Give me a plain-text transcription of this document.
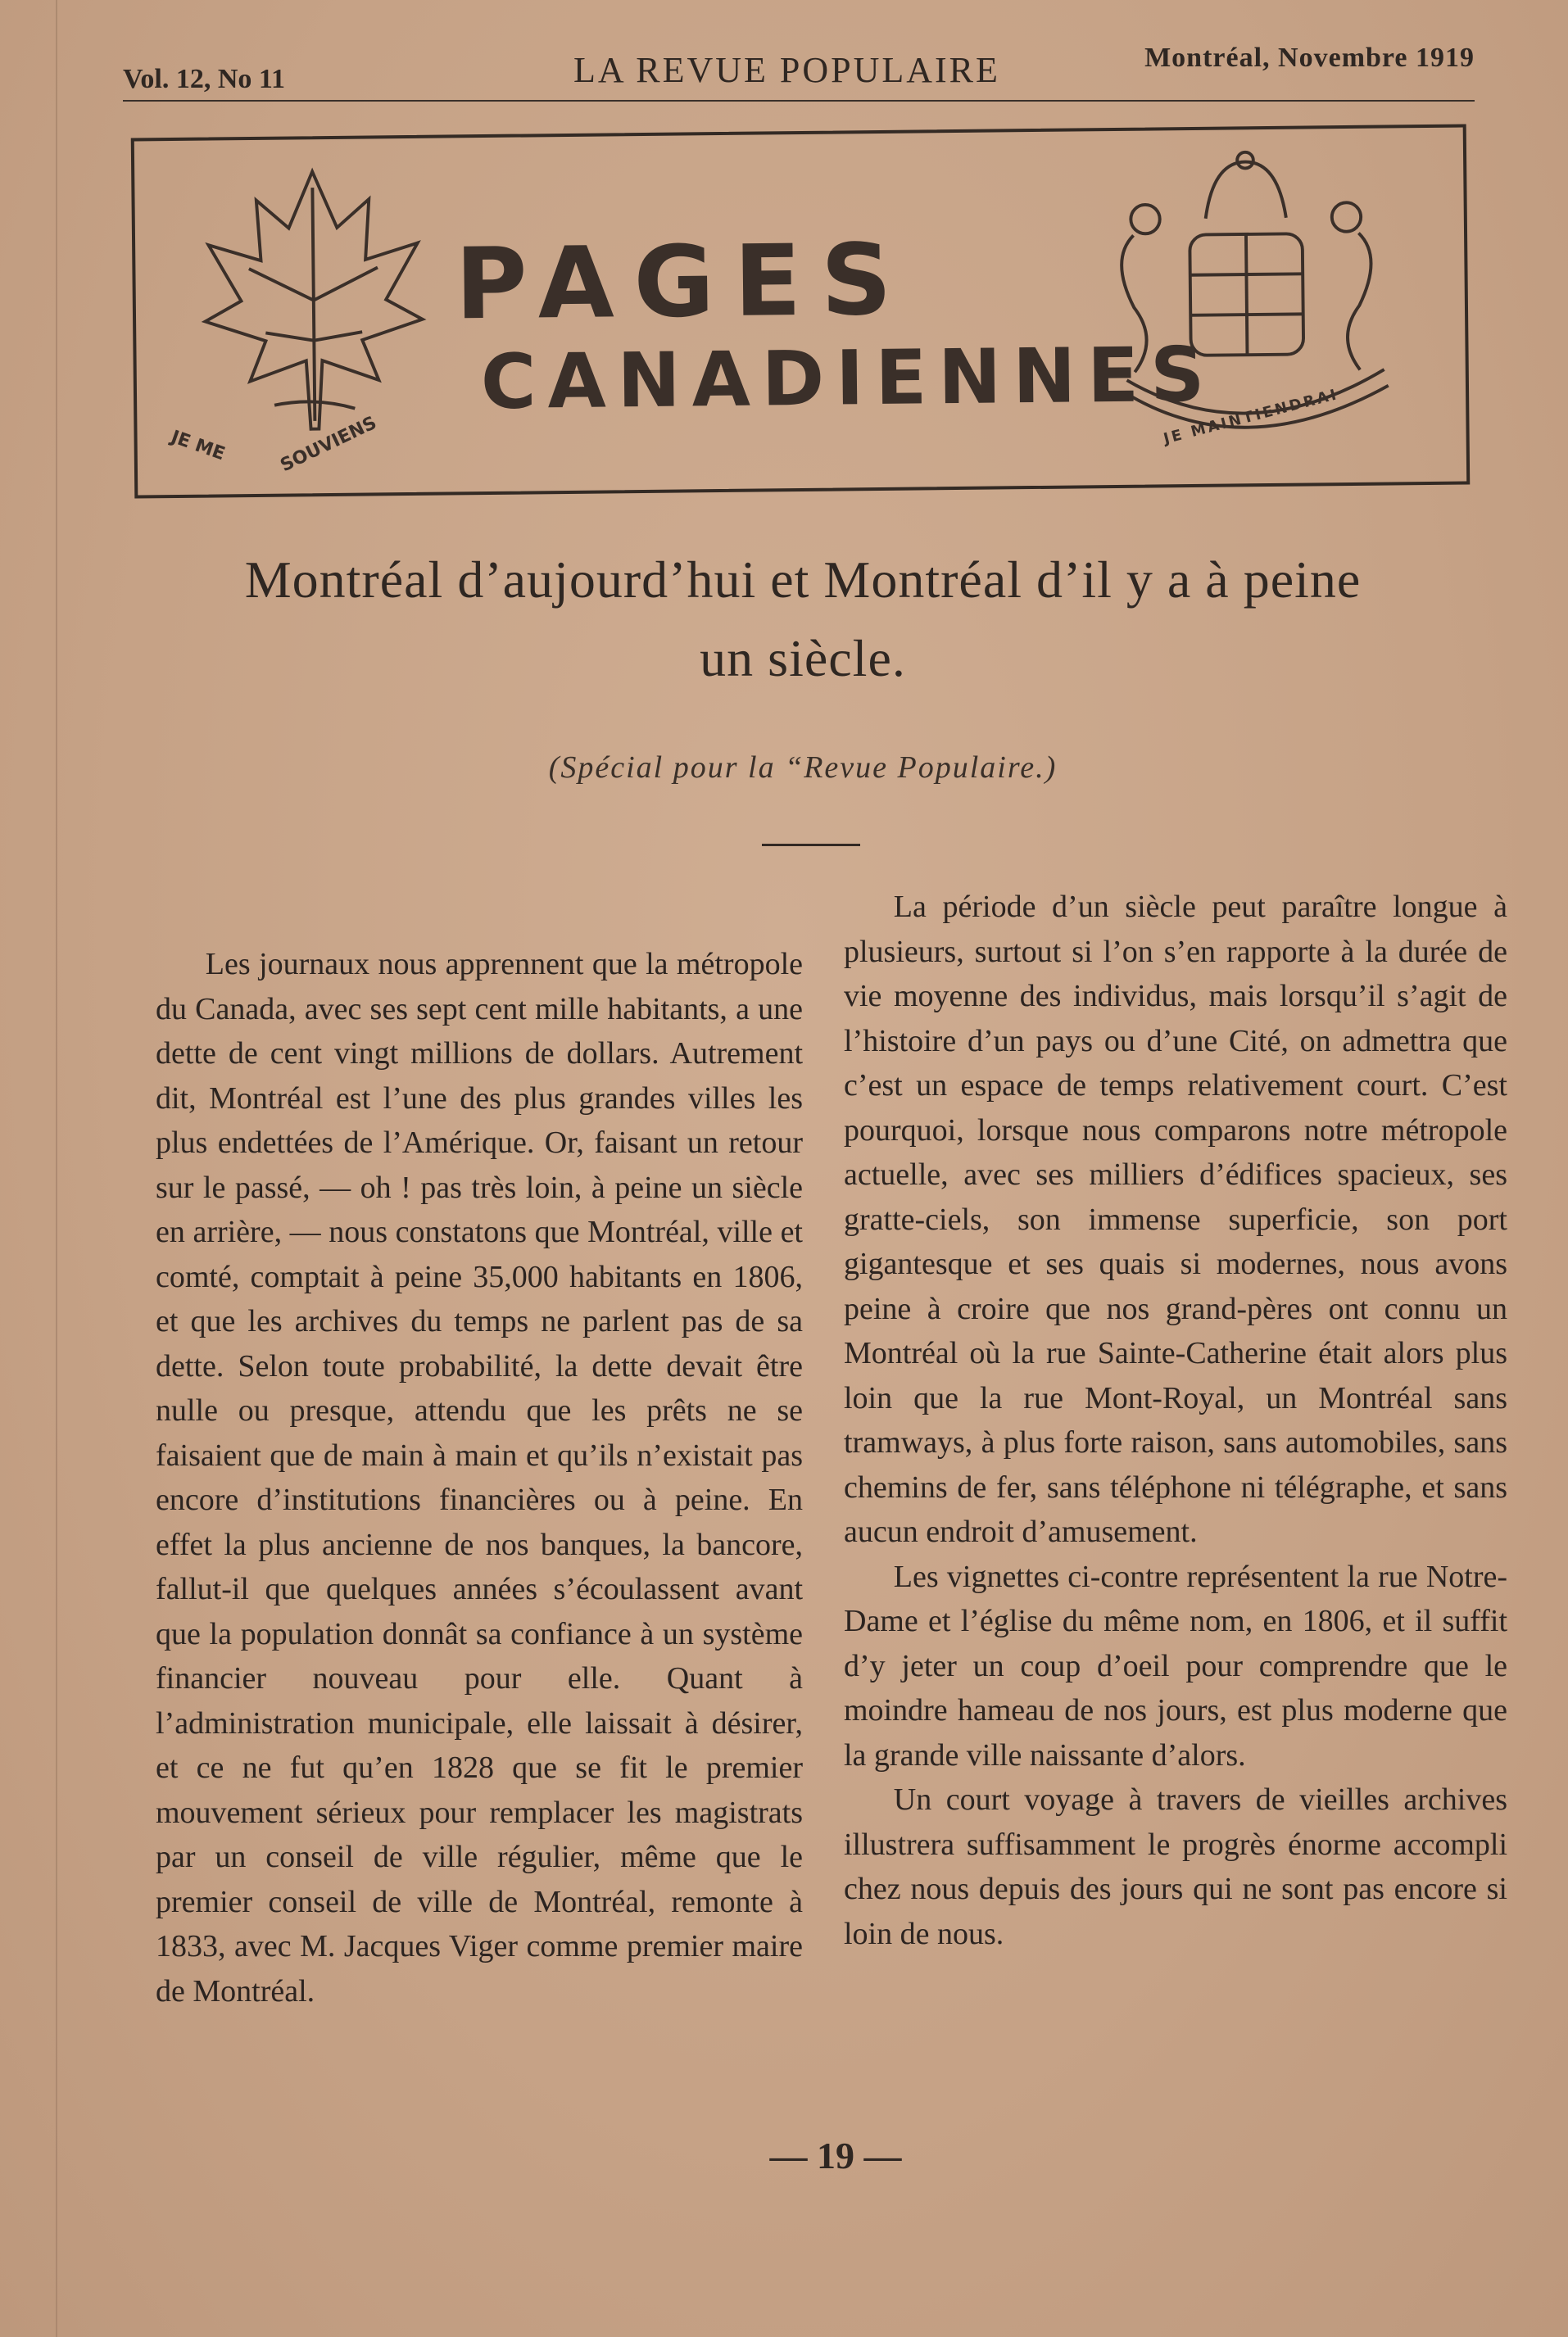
Vol. 12, No 11	LA REVUE POPULAIRE	Montréal, Novembre 1919
PAGES
CANADIENNES
JE ME	SOUVIENS	JE MAINTIENDRAI
Montréal d’aujourd’hui et Montréal d’il y a à peine
un siècle.
(Spécial pour la “Revue Populaire.)

Les journaux nous apprennent que la métropole du Canada, avec ses sept cent mille habitants, a une dette de cent vingt millions de dollars. Autrement dit, Montréal est l’une des plus grandes villes les plus endettées de l’Amérique. Or, faisant un retour sur le passé, — oh ! pas très loin, à peine un siècle en arrière, — nous constatons que Montréal, ville et comté, comptait à peine 35,000 habitants en 1806, et que les archives du temps ne parlent pas de sa dette. Selon toute probabilité, la dette devait être nulle ou presque, attendu que les prêts ne se faisaient que de main à main et qu’ils n’existait pas encore d’institutions financières ou à peine. En effet la plus ancienne de nos banques, la bancore, fallut-il que quelques années s’écoulassent avant que la population donnât sa confiance à un système financier nouveau pour elle. Quant à l’administration municipale, elle laissait à désirer, et ce ne fut qu’en 1828 que se fit le premier mouvement sérieux pour remplacer les magistrats par un conseil de ville régulier, même que le premier conseil de ville de Montréal, remonte à 1833, avec M. Jacques Viger comme premier maire de Montréal.

La période d’un siècle peut paraître longue à plusieurs, surtout si l’on s’en rapporte à la durée de vie moyenne des individus, mais lorsqu’il s’agit de l’histoire d’un pays ou d’une Cité, on admettra que c’est un espace de temps relativement court. C’est pourquoi, lorsque nous comparons notre métropole actuelle, avec ses milliers d’édifices spacieux, ses gratte-ciels, son immense superficie, son port gigantesque et ses quais si modernes, nous avons peine à croire que nos grand-pères ont connu un Montréal où la rue Sainte-Catherine était alors plus loin que la rue Mont-Royal, un Montréal sans tramways, à plus forte raison, sans automobiles, sans chemins de fer, sans téléphone ni télégraphe, et sans aucun endroit d’amusement.

Les vignettes ci-contre représentent la rue Notre-Dame et l’église du même nom, en 1806, et il suffit d’y jeter un coup d’oeil pour comprendre que le moindre hameau de nos jours, est plus moderne que la grande ville naissante d’alors.

Un court voyage à travers de vieilles archives illustrera suffisamment le progrès énorme accompli chez nous depuis des jours qui ne sont pas encore si loin de nous.

— 19 —
